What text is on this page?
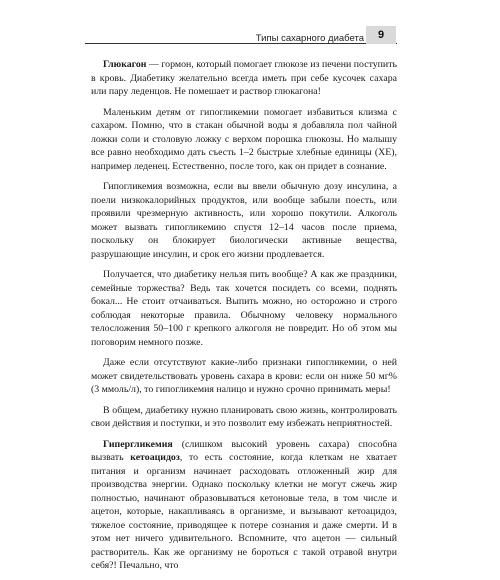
Типы сахарного диабета	9

Глюкагон — гормон, который помогает глюкозе из печени поступить в кровь. Диабетику желательно всегда иметь при себе кусочек сахара или пару леденцов. Не помешает и раствор глюкагона!

Маленьким детям от гипогликемии помогает избавиться клизма с сахаром. Помню, что в стакан обычной воды я добавляла пол чайной ложки соли и столовую ложку с верхом порошка глюкозы. Но малышу все равно необходимо дать съесть 1–2 быстрые хлебные единицы (ХЕ), например леденец. Естественно, после того, как он придет в сознание.

Гипогликемия возможна, если вы ввели обычную дозу инсулина, а поели низкокалорийных продуктов, или вообще забыли поесть, или проявили чрезмерную активность, или хорошо покутили. Алкоголь может вызвать гипогликемию спустя 12–14 часов после приема, поскольку он блокирует биологически активные вещества, разрушающие инсулин, и срок его жизни продлевается.

Получается, что диабетику нельзя пить вообще? А как же праздники, семейные торжества? Ведь так хочется посидеть со всеми, поднять бокал... Не стоит отчаиваться. Выпить можно, но осторожно и строго соблюдая некоторые правила. Обычному человеку нормального телосложения 50–100 г крепкого алкоголя не повредит. Но об этом мы поговорим немного позже.

Даже если отсутствуют какие-либо признаки гипогликемии, о ней может свидетельствовать уровень сахара в крови: если он ниже 50 мг% (3 ммоль/л), то гипогликемия налицо и нужно срочно принимать меры!

В общем, диабетику нужно планировать свою жизнь, контролировать свои действия и поступки, и это позволит ему избежать неприятностей.

Гипергликемия (слишком высокий уровень сахара) способна вызвать кетоацидоз, то есть состояние, когда клеткам не хватает питания и организм начинает расходовать отложенный жир для производства энергии. Однако поскольку клетки не могут сжечь жир полностью, начинают образовываться кетоновые тела, в том числе и ацетон, которые, накапливаясь в организме, и вызывают кетоацидоз, тяжелое состояние, приводящее к потере сознания и даже смерти. И в этом нет ничего удивительного. Вспомните, что ацетон — сильный растворитель. Как же организму не бороться с такой отравой внутри себя?! Печально, что
